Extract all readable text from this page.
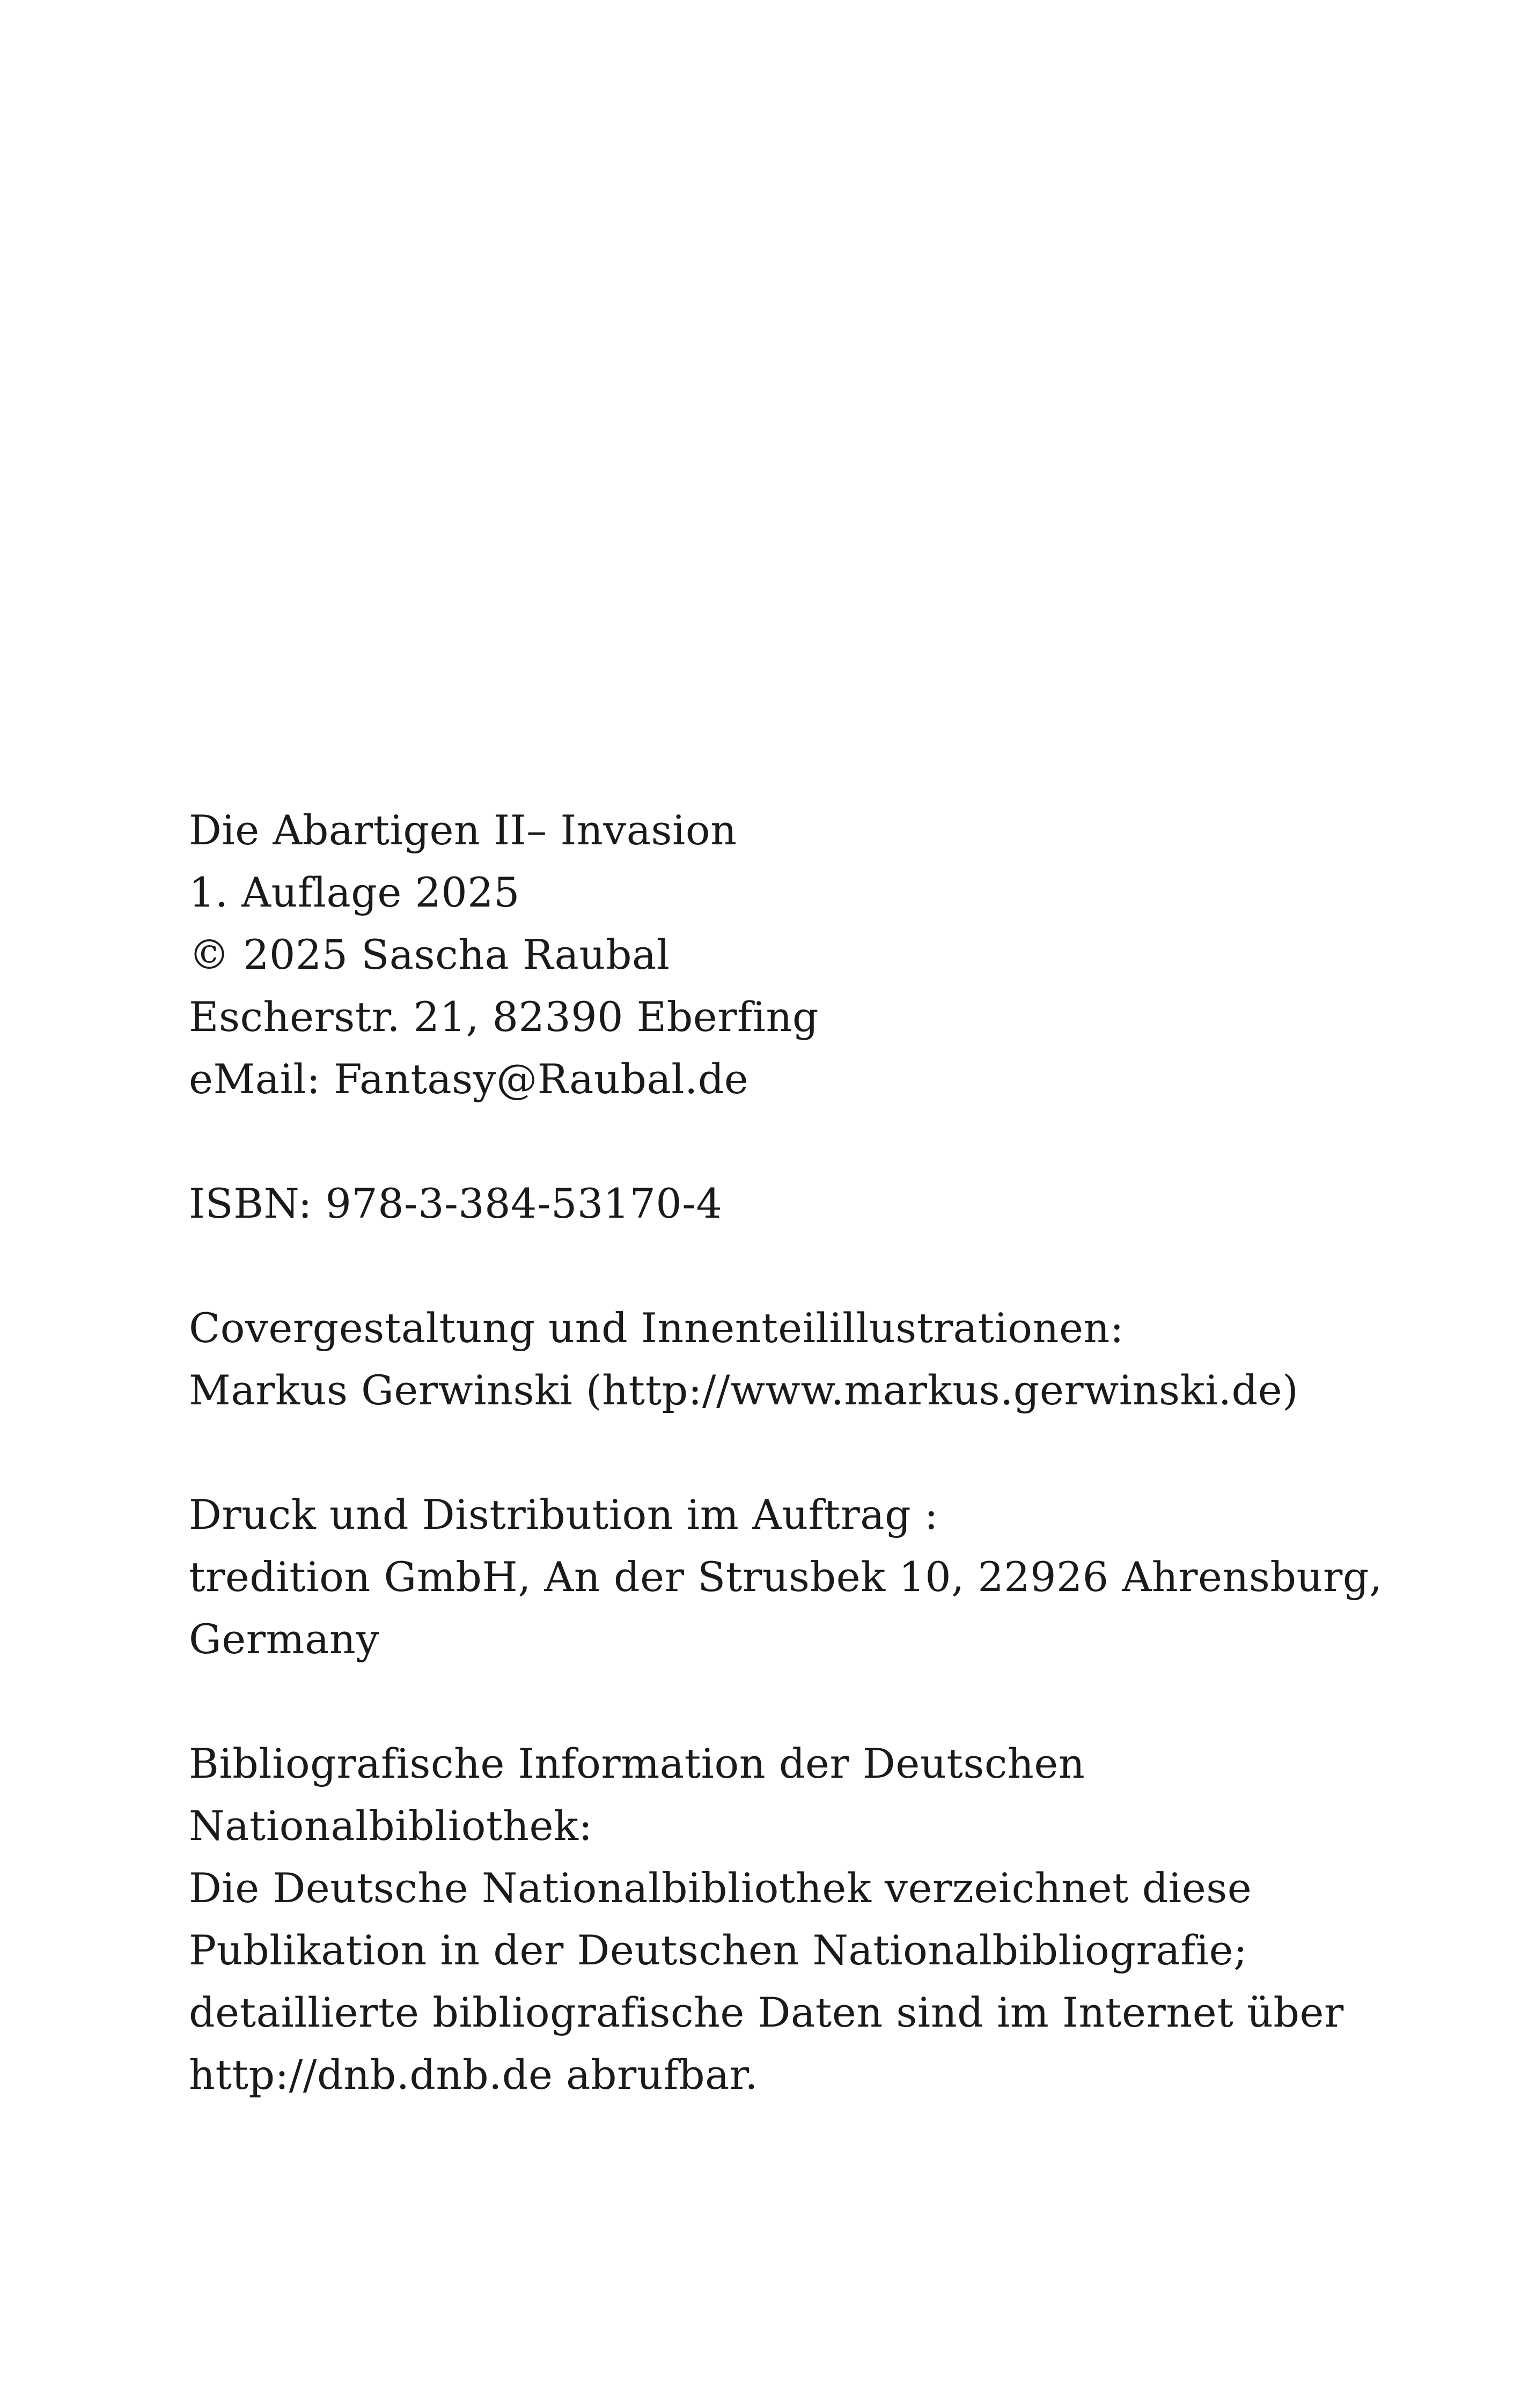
Die Abartigen II– Invasion
1. Auflage 2025
© 2025 Sascha Raubal
Escherstr. 21, 82390 Eberfing
eMail: Fantasy@Raubal.de
ISBN: 978-3-384-53170-4
Covergestaltung und Innenteilillustrationen:
Markus Gerwinski (http://www.markus.gerwinski.de)
Druck und Distribution im Auftrag :
tredition GmbH, An der Strusbek 10, 22926 Ahrensburg,
Germany
Bibliografische Information der Deutschen
Nationalbibliothek:
Die Deutsche Nationalbibliothek verzeichnet diese
Publikation in der Deutschen Nationalbibliografie;
detaillierte bibliografische Daten sind im Internet über
http://dnb.dnb.de abrufbar.
